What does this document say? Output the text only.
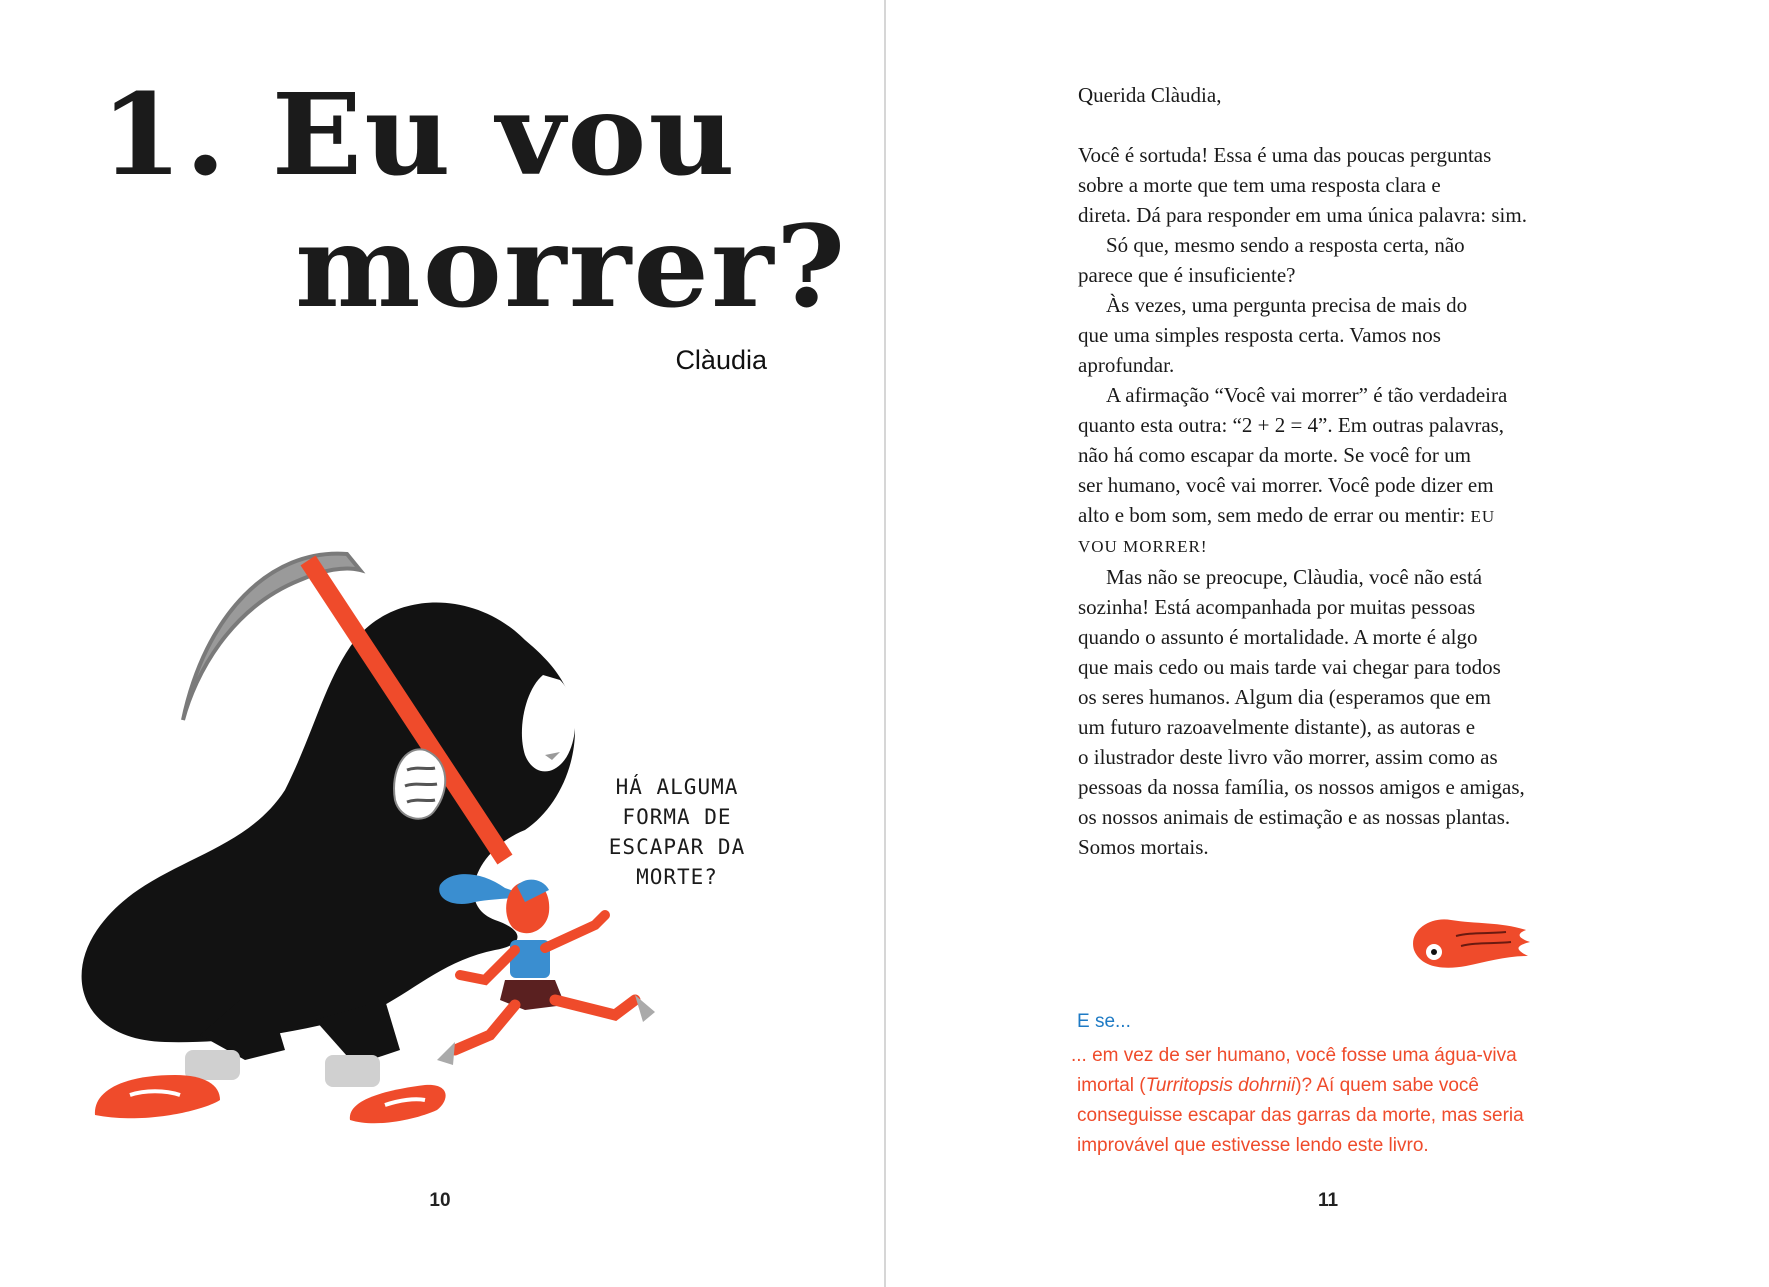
1. Eu vou
morrer?

Clàudia

HÁ ALGUMA
FORMA DE
ESCAPAR DA
MORTE?

10

Querida Clàudia,

Você é sortuda! Essa é uma das poucas perguntas

sobre a morte que tem uma resposta clara e

direta. Dá para responder em uma única palavra: sim.

Só que, mesmo sendo a resposta certa, não

parece que é insuficiente?

Às vezes, uma pergunta precisa de mais do

que uma simples resposta certa. Vamos nos

aprofundar.

A afirmação “Você vai morrer” é tão verdadeira

quanto esta outra: “2 + 2 = 4”. Em outras palavras,

não há como escapar da morte. Se você for um

ser humano, você vai morrer. Você pode dizer em

alto e bom som, sem medo de errar ou mentir: EU

VOU MORRER!

Mas não se preocupe, Clàudia, você não está

sozinha! Está acompanhada por muitas pessoas

quando o assunto é mortalidade. A morte é algo

que mais cedo ou mais tarde vai chegar para todos

os seres humanos. Algum dia (esperamos que em

um futuro razoavelmente distante), as autoras e

o ilustrador deste livro vão morrer, assim como as

pessoas da nossa família, os nossos amigos e amigas,

os nossos animais de estimação e as nossas plantas.

Somos mortais.

E se...

... em vez de ser humano, você fosse uma água-viva

imortal (Turritopsis dohrnii)? Aí quem sabe você

conseguisse escapar das garras da morte, mas seria

improvável que estivesse lendo este livro.

11
